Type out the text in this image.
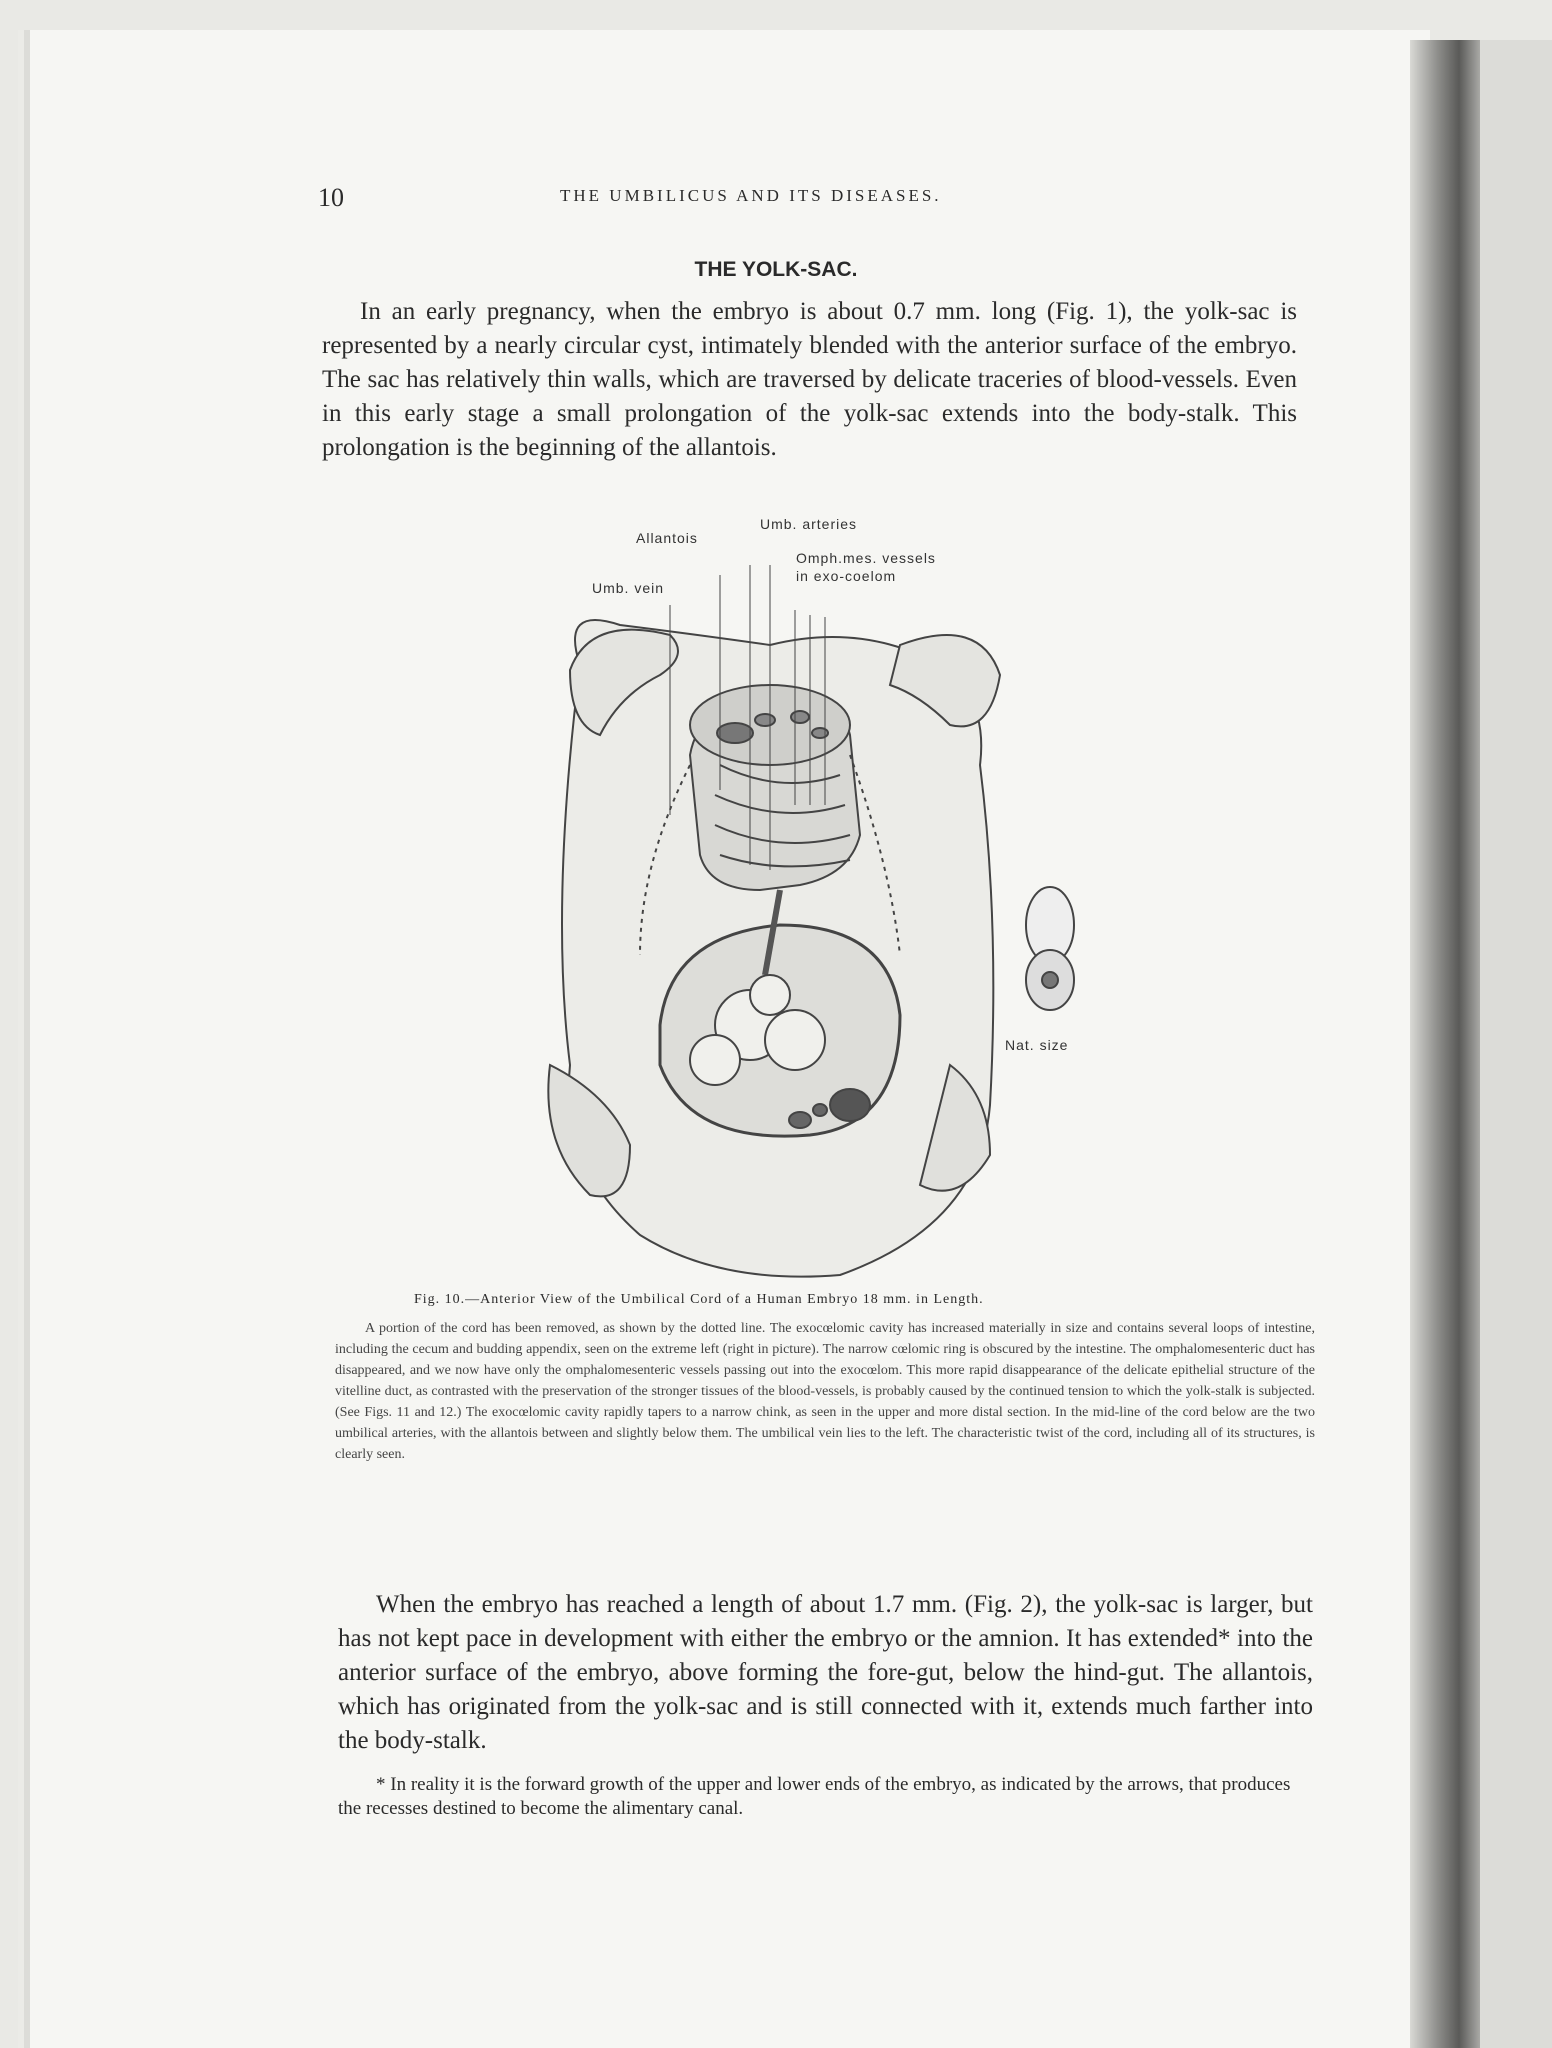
10	THE UMBILICUS AND ITS DISEASES.
THE YOLK-SAC.
In an early pregnancy, when the embryo is about 0.7 mm. long (Fig. 1), the yolk-sac is represented by a nearly circular cyst, intimately blended with the anterior surface of the embryo. The sac has relatively thin walls, which are traversed by delicate traceries of blood-vessels. Even in this early stage a small prolongation of the yolk-sac extends into the body-stalk. This prolongation is the beginning of the allantois.
Allantois
Umb. arteries
Omph.mes. vessels
in exo-coelom
Umb. vein
Nat. size
Fig. 10.—Anterior View of the Umbilical Cord of a Human Embryo 18 mm. in Length.
A portion of the cord has been removed, as shown by the dotted line. The exocœlomic cavity has increased materially in size and contains several loops of intestine, including the cecum and budding appendix, seen on the extreme left (right in picture). The narrow cœlomic ring is obscured by the intestine. The omphalomesenteric duct has disappeared, and we now have only the omphalomesenteric vessels passing out into the exocœlom. This more rapid disappearance of the delicate epithelial structure of the vitelline duct, as contrasted with the preservation of the stronger tissues of the blood-vessels, is probably caused by the continued tension to which the yolk-stalk is subjected. (See Figs. 11 and 12.) The exocœlomic cavity rapidly tapers to a narrow chink, as seen in the upper and more distal section. In the mid-line of the cord below are the two umbilical arteries, with the allantois between and slightly below them. The umbilical vein lies to the left. The characteristic twist of the cord, including all of its structures, is clearly seen.
When the embryo has reached a length of about 1.7 mm. (Fig. 2), the yolk-sac is larger, but has not kept pace in development with either the embryo or the amnion. It has extended* into the anterior surface of the embryo, above forming the fore-gut, below the hind-gut. The allantois, which has originated from the yolk-sac and is still connected with it, extends much farther into the body-stalk.
* In reality it is the forward growth of the upper and lower ends of the embryo, as indicated by the arrows, that produces the recesses destined to become the alimentary canal.
